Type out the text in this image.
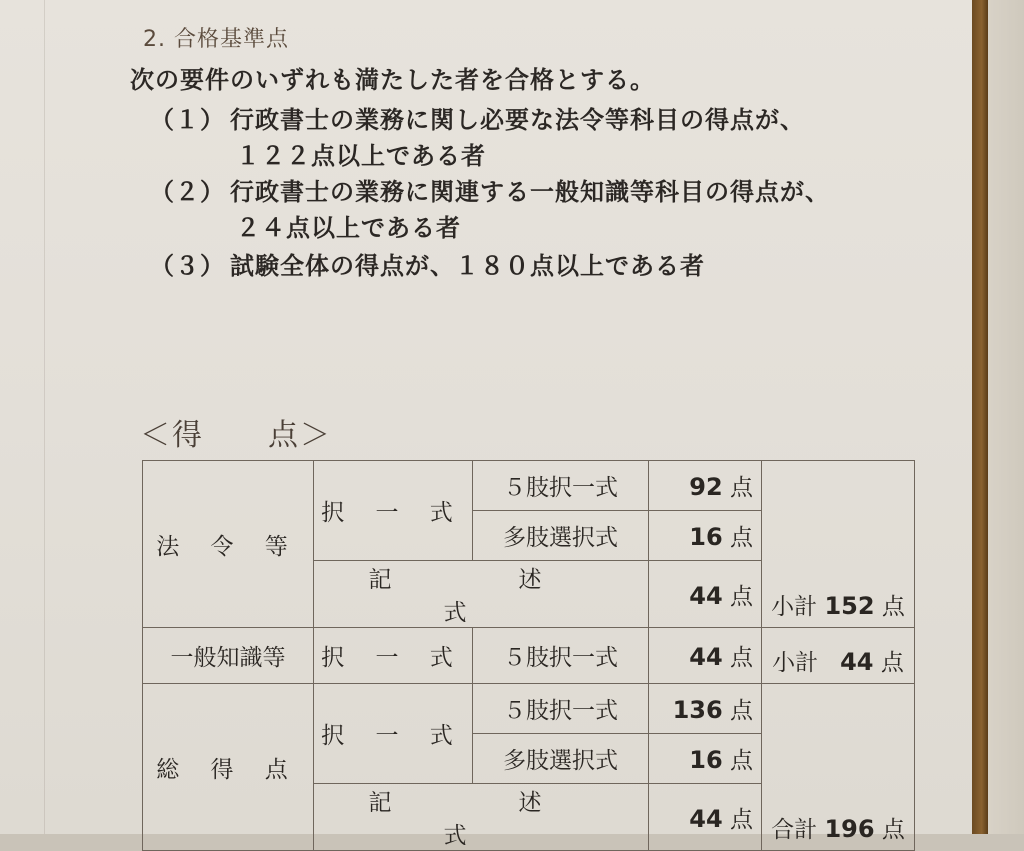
2. 合格基準点
次の要件のいずれも満たした者を合格とする。
（１） 行政書士の業務に関し必要な法令等科目の得点が、
１２２点以上である者
（２） 行政書士の業務に関連する一般知識等科目の得点が、
２４点以上である者
（３） 試験全体の得点が、１８０点以上である者
＜得　　点＞
法 令 等	択 一 式	５肢択一式	92 点	小計 152 点
		多肢選択式	16 点	
	記　述　式		44 点	
一般知識等	択 一 式	５肢択一式	44 点	小計 44 点
総 得 点	択 一 式	５肢択一式	136 点	合計 196 点
		多肢選択式	16 点	
	記　述　式		44 点	
